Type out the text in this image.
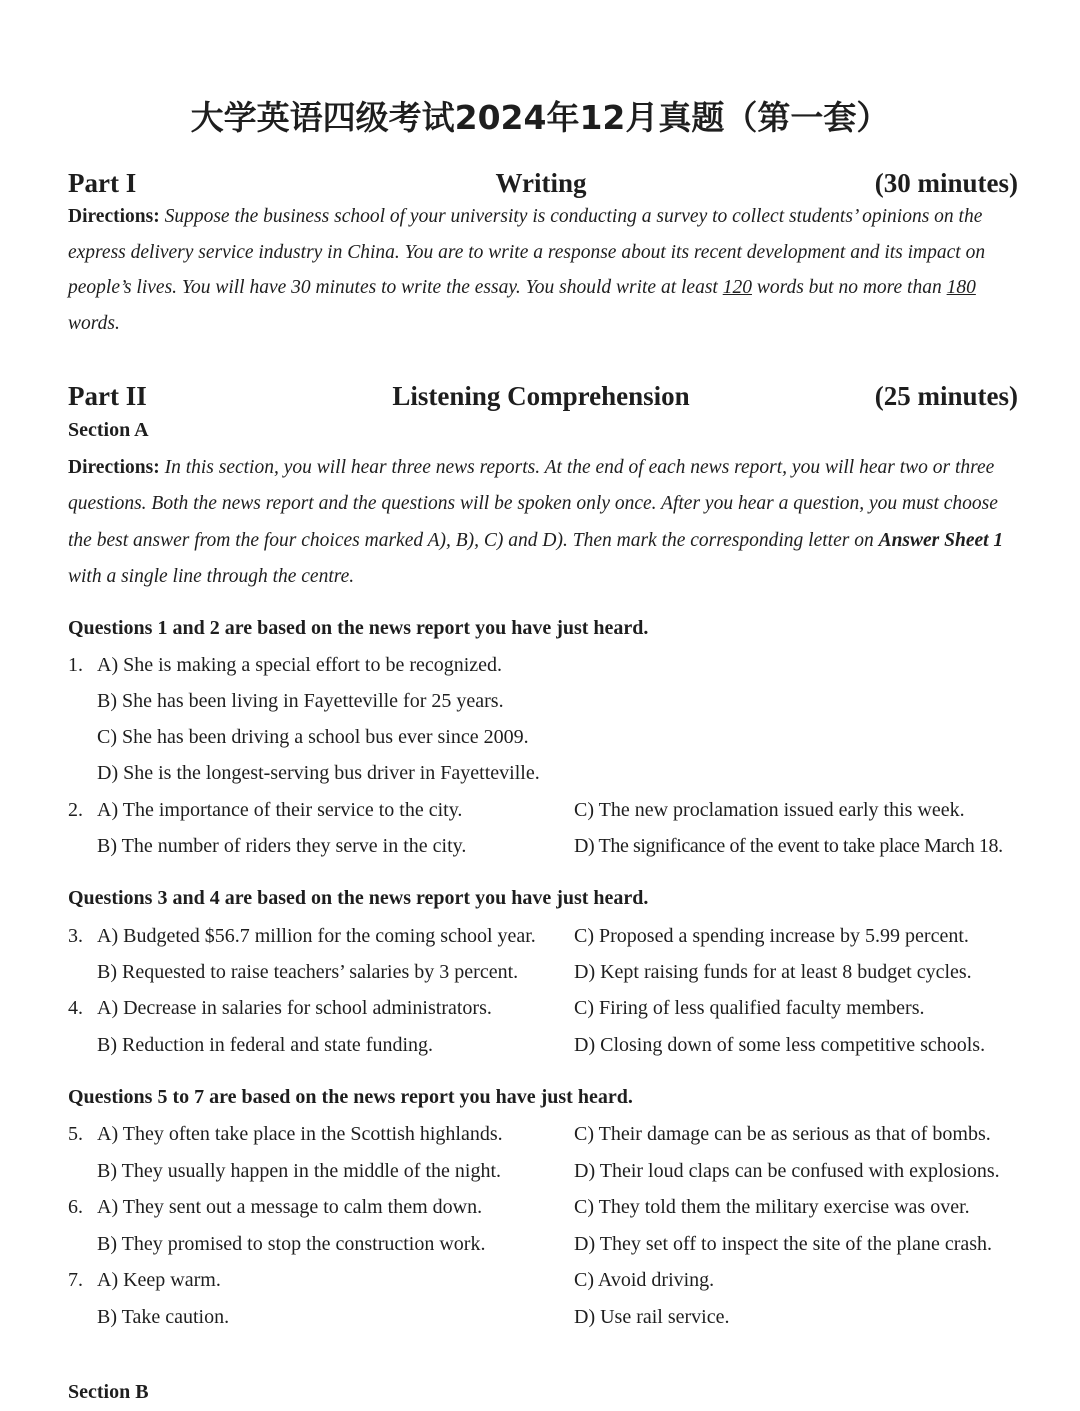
大学英语四级考试2024年12月真题（第一套）
Part I	Writing	(30 minutes)
Directions: Suppose the business school of your university is conducting a survey to collect students’ opinions on the express delivery service industry in China. You are to write a response about its recent development and its impact on people’s lives. You will have 30 minutes to write the essay. You should write at least 120 words but no more than 180 words.
Part II	Listening Comprehension	(25 minutes)
Section A
Directions: In this section, you will hear three news reports. At the end of each news report, you will hear two or three questions. Both the news report and the questions will be spoken only once. After you hear a question, you must choose the best answer from the four choices marked A), B), C) and D). Then mark the corresponding letter on Answer Sheet 1 with a single line through the centre.
Questions 1 and 2 are based on the news report you have just heard.
1. A) She is making a special effort to be recognized.
B) She has been living in Fayetteville for 25 years.
C) She has been driving a school bus ever since 2009.
D) She is the longest-serving bus driver in Fayetteville.
2. A) The importance of their service to the city.	C) The new proclamation issued early this week.
B) The number of riders they serve in the city.	D) The significance of the event to take place March 18.
Questions 3 and 4 are based on the news report you have just heard.
3. A) Budgeted $56.7 million for the coming school year. C) Proposed a spending increase by 5.99 percent.
B) Requested to raise teachers’ salaries by 3 percent.	D) Kept raising funds for at least 8 budget cycles.
4. A) Decrease in salaries for school administrators.	C) Firing of less qualified faculty members.
B) Reduction in federal and state funding.	D) Closing down of some less competitive schools.
Questions 5 to 7 are based on the news report you have just heard.
5. A) They often take place in the Scottish highlands.	C) Their damage can be as serious as that of bombs.
B) They usually happen in the middle of the night.	D) Their loud claps can be confused with explosions.
6. A) They sent out a message to calm them down.	C) They told them the military exercise was over.
B) They promised to stop the construction work.	D) They set off to inspect the site of the plane crash.
7. A) Keep warm.	C) Avoid driving.
B) Take caution.	D) Use rail service.
Section B
